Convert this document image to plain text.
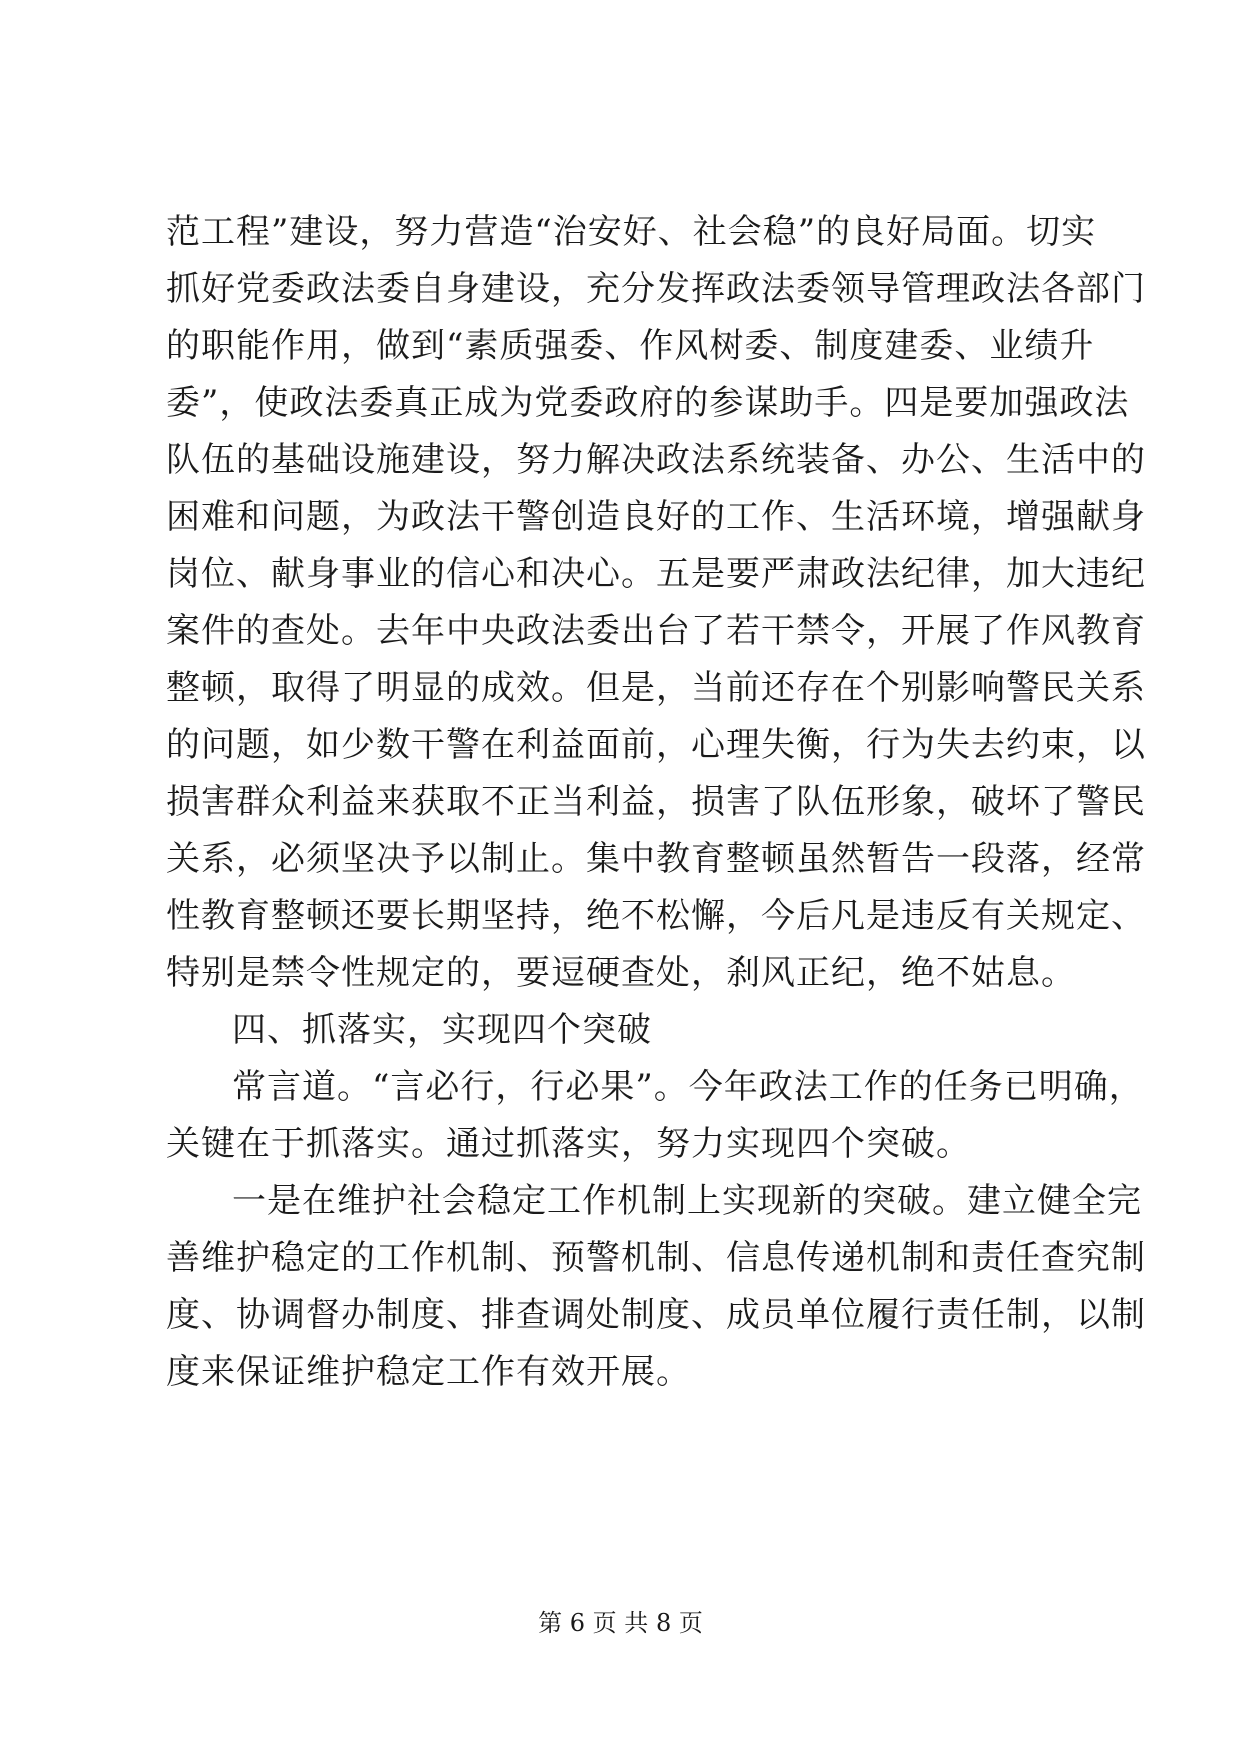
范工程”建设，努力营造“治安好、社会稳”的良好局面。切实
抓好党委政法委自身建设，充分发挥政法委领导管理政法各部门
的职能作用，做到“素质强委、作风树委、制度建委、业绩升
委”，使政法委真正成为党委政府的参谋助手。四是要加强政法
队伍的基础设施建设，努力解决政法系统装备、办公、生活中的
困难和问题，为政法干警创造良好的工作、生活环境，增强献身
岗位、献身事业的信心和决心。五是要严肃政法纪律，加大违纪
案件的查处。去年中央政法委出台了若干禁令，开展了作风教育
整顿，取得了明显的成效。但是，当前还存在个别影响警民关系
的问题，如少数干警在利益面前，心理失衡，行为失去约束，以
损害群众利益来获取不正当利益，损害了队伍形象，破坏了警民
关系，必须坚决予以制止。集中教育整顿虽然暂告一段落，经常
性教育整顿还要长期坚持，绝不松懈，今后凡是违反有关规定、
特别是禁令性规定的，要逗硬查处，刹风正纪，绝不姑息。
四、抓落实，实现四个突破
常言道。“言必行，行必果”。今年政法工作的任务已明确，
关键在于抓落实。通过抓落实，努力实现四个突破。
一是在维护社会稳定工作机制上实现新的突破。建立健全完
善维护稳定的工作机制、预警机制、信息传递机制和责任查究制
度、协调督办制度、排查调处制度、成员单位履行责任制，以制
度来保证维护稳定工作有效开展。
第 6 页 共 8 页
